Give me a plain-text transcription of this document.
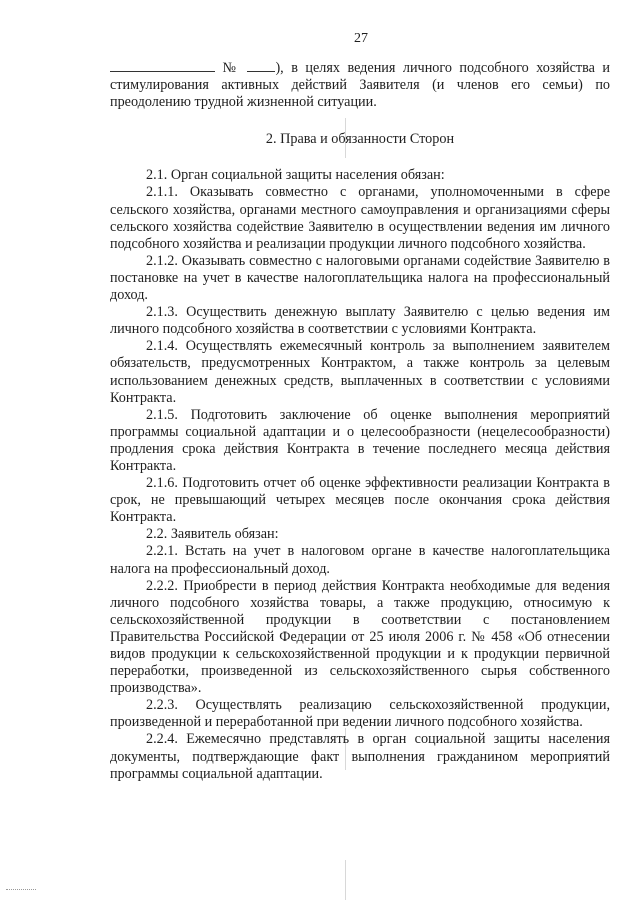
27

№ ), в целях ведения личного подсобного хозяйства и стимулирования активных действий Заявителя (и членов его семьи) по преодолению трудной жизненной ситуации.

2. Права и обязанности Сторон

2.1. Орган социальной защиты населения обязан:

2.1.1. Оказывать совместно с органами, уполномоченными в сфере сельского хозяйства, органами местного самоуправления и организациями сферы сельского хозяйства содействие Заявителю в осуществлении ведения им личного подсобного хозяйства и реализации продукции личного подсобного хозяйства.

2.1.2. Оказывать совместно с налоговыми органами содействие Заявителю в постановке на учет в качестве налогоплательщика налога на профессиональный доход.

2.1.3. Осуществить денежную выплату Заявителю с целью ведения им личного подсобного хозяйства в соответствии с условиями Контракта.

2.1.4. Осуществлять ежемесячный контроль за выполнением заявителем обязательств, предусмотренных Контрактом, а также контроль за целевым использованием денежных средств, выплаченных в соответствии с условиями Контракта.

2.1.5. Подготовить заключение об оценке выполнения мероприятий программы социальной адаптации и о целесообразности (нецелесообразности) продления срока действия Контракта в течение последнего месяца действия Контракта.

2.1.6. Подготовить отчет об оценке эффективности реализации Контракта в срок, не превышающий четырех месяцев после окончания срока действия Контракта.

2.2. Заявитель обязан:

2.2.1. Встать на учет в налоговом органе в качестве налогоплательщика налога на профессиональный доход.

2.2.2. Приобрести в период действия Контракта необходимые для ведения личного подсобного хозяйства товары, а также продукцию, относимую к сельскохозяйственной продукции в соответствии с постановлением Правительства Российской Федерации от 25 июля 2006 г. № 458 «Об отнесении видов продукции к сельскохозяйственной продукции и к продукции первичной переработки, произведенной из сельскохозяйственного сырья собственного производства».

2.2.3. Осуществлять реализацию сельскохозяйственной продукции, произведенной и переработанной при ведении личного подсобного хозяйства.

2.2.4. Ежемесячно представлять в орган социальной защиты населения документы, подтверждающие факт выполнения гражданином мероприятий программы социальной адаптации.
